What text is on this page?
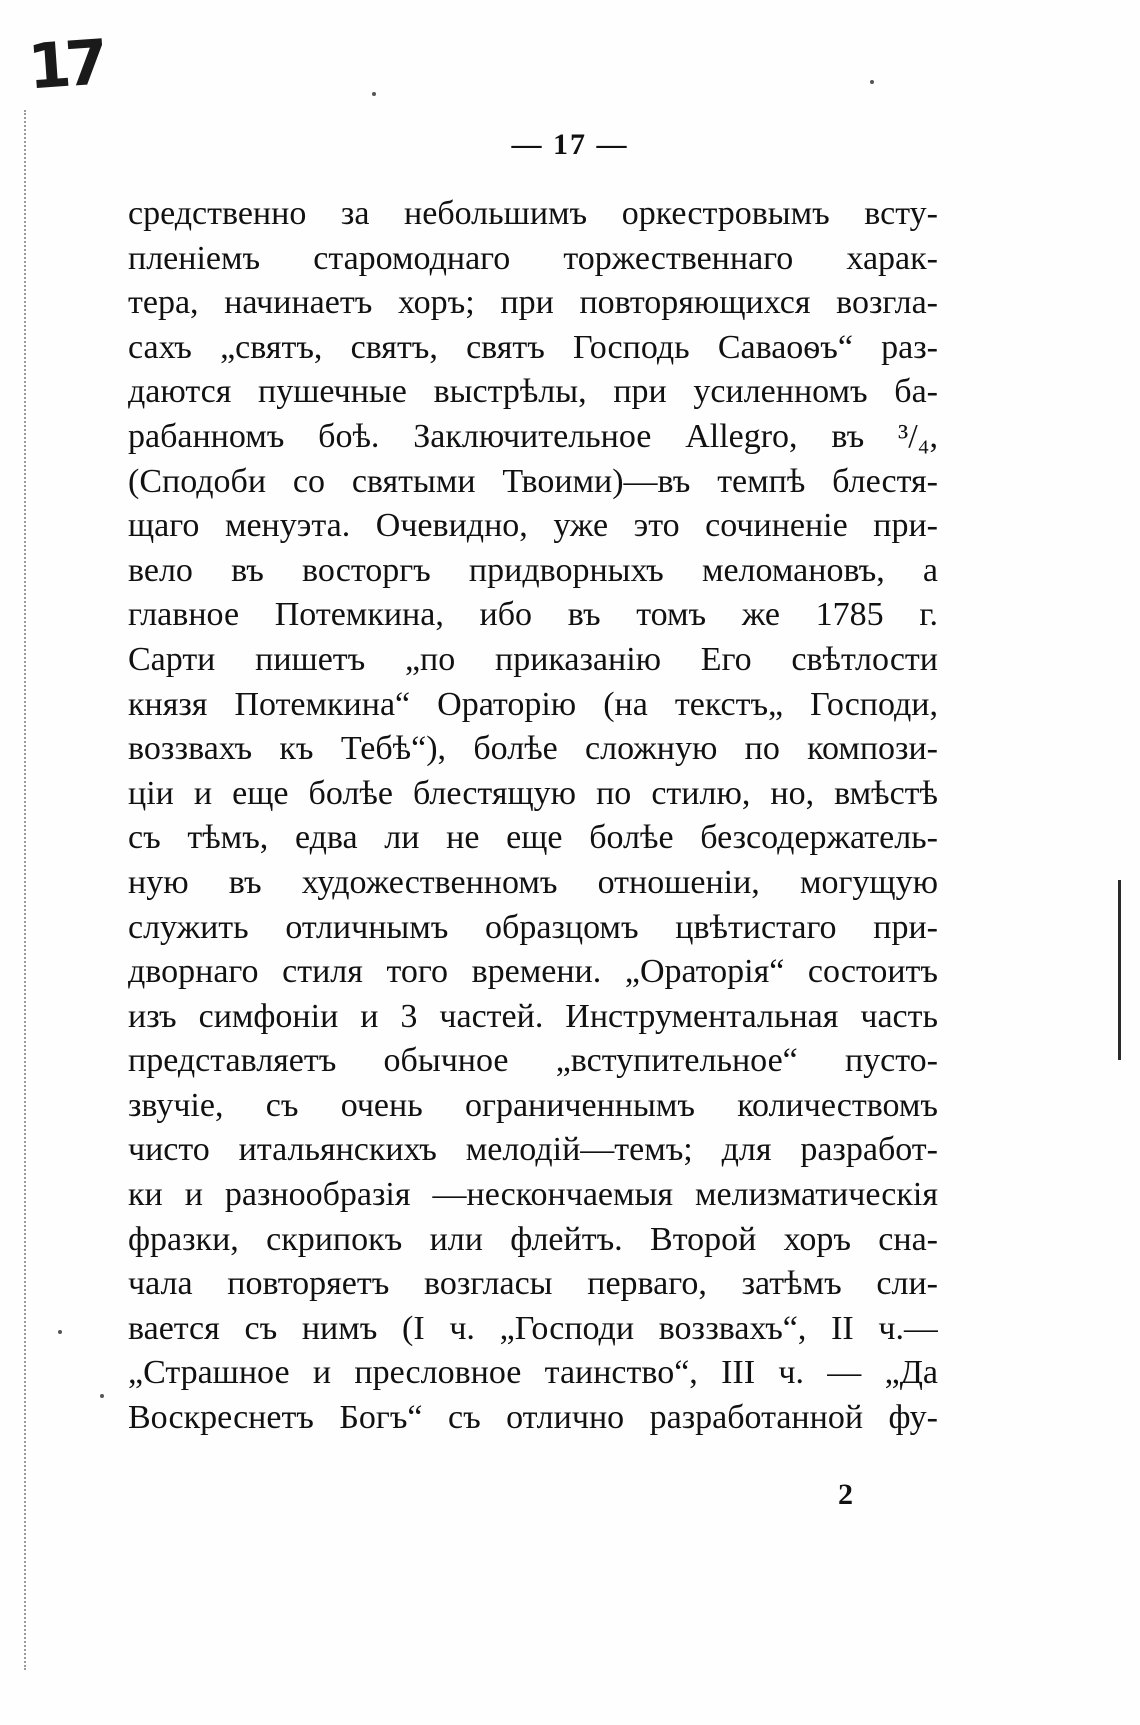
17
— 17 —
средственно за небольшимъ оркестровымъ всту-
пленіемъ старомоднаго торжественнаго харак-
тера, начинаетъ хоръ; при повторяющихся возгла-
сахъ „святъ, святъ, святъ Господь Саваоѳъ“ раз-
даются пушечные выстрѣлы, при усиленномъ ба-
рабанномъ боѣ. Заключительное Allegro, въ ³/₄,
(Сподоби со святыми Твоими)—въ темпѣ блестя-
щаго менуэта. Очевидно, уже это сочиненіе при-
вело въ восторгъ придворныхъ меломановъ, а
главное Потемкина, ибо въ томъ же 1785 г.
Сарти пишетъ „по приказанію Его свѣтлости
князя Потемкина“ Ораторію (на текстъ„ Господи,
воззвахъ къ Тебѣ“), болѣе сложную по компози-
ціи и еще болѣе блестящую по стилю, но, вмѣстѣ
съ тѣмъ, едва ли не еще болѣе безсодержатель-
ную въ художественномъ отношеніи, могущую
служить отличнымъ образцомъ цвѣтистаго при-
дворнаго стиля того времени. „Ораторія“ состоитъ
изъ симфоніи и 3 частей. Инструментальная часть
представляетъ обычное „вступительное“ пусто-
звучіе, съ очень ограниченнымъ количествомъ
чисто итальянскихъ мелодій—темъ; для разработ-
ки и разнообразія —нескончаемыя мелизматическія
фразки, скрипокъ или флейтъ. Второй хоръ сна-
чала повторяетъ возгласы перваго, затѣмъ сли-
вается съ нимъ (I ч. „Господи воззвахъ“, II ч.—
„Страшное и пресловное таинство“, III ч. — „Да
Воскреснетъ Богъ“ съ отлично разработанной фу-
2
